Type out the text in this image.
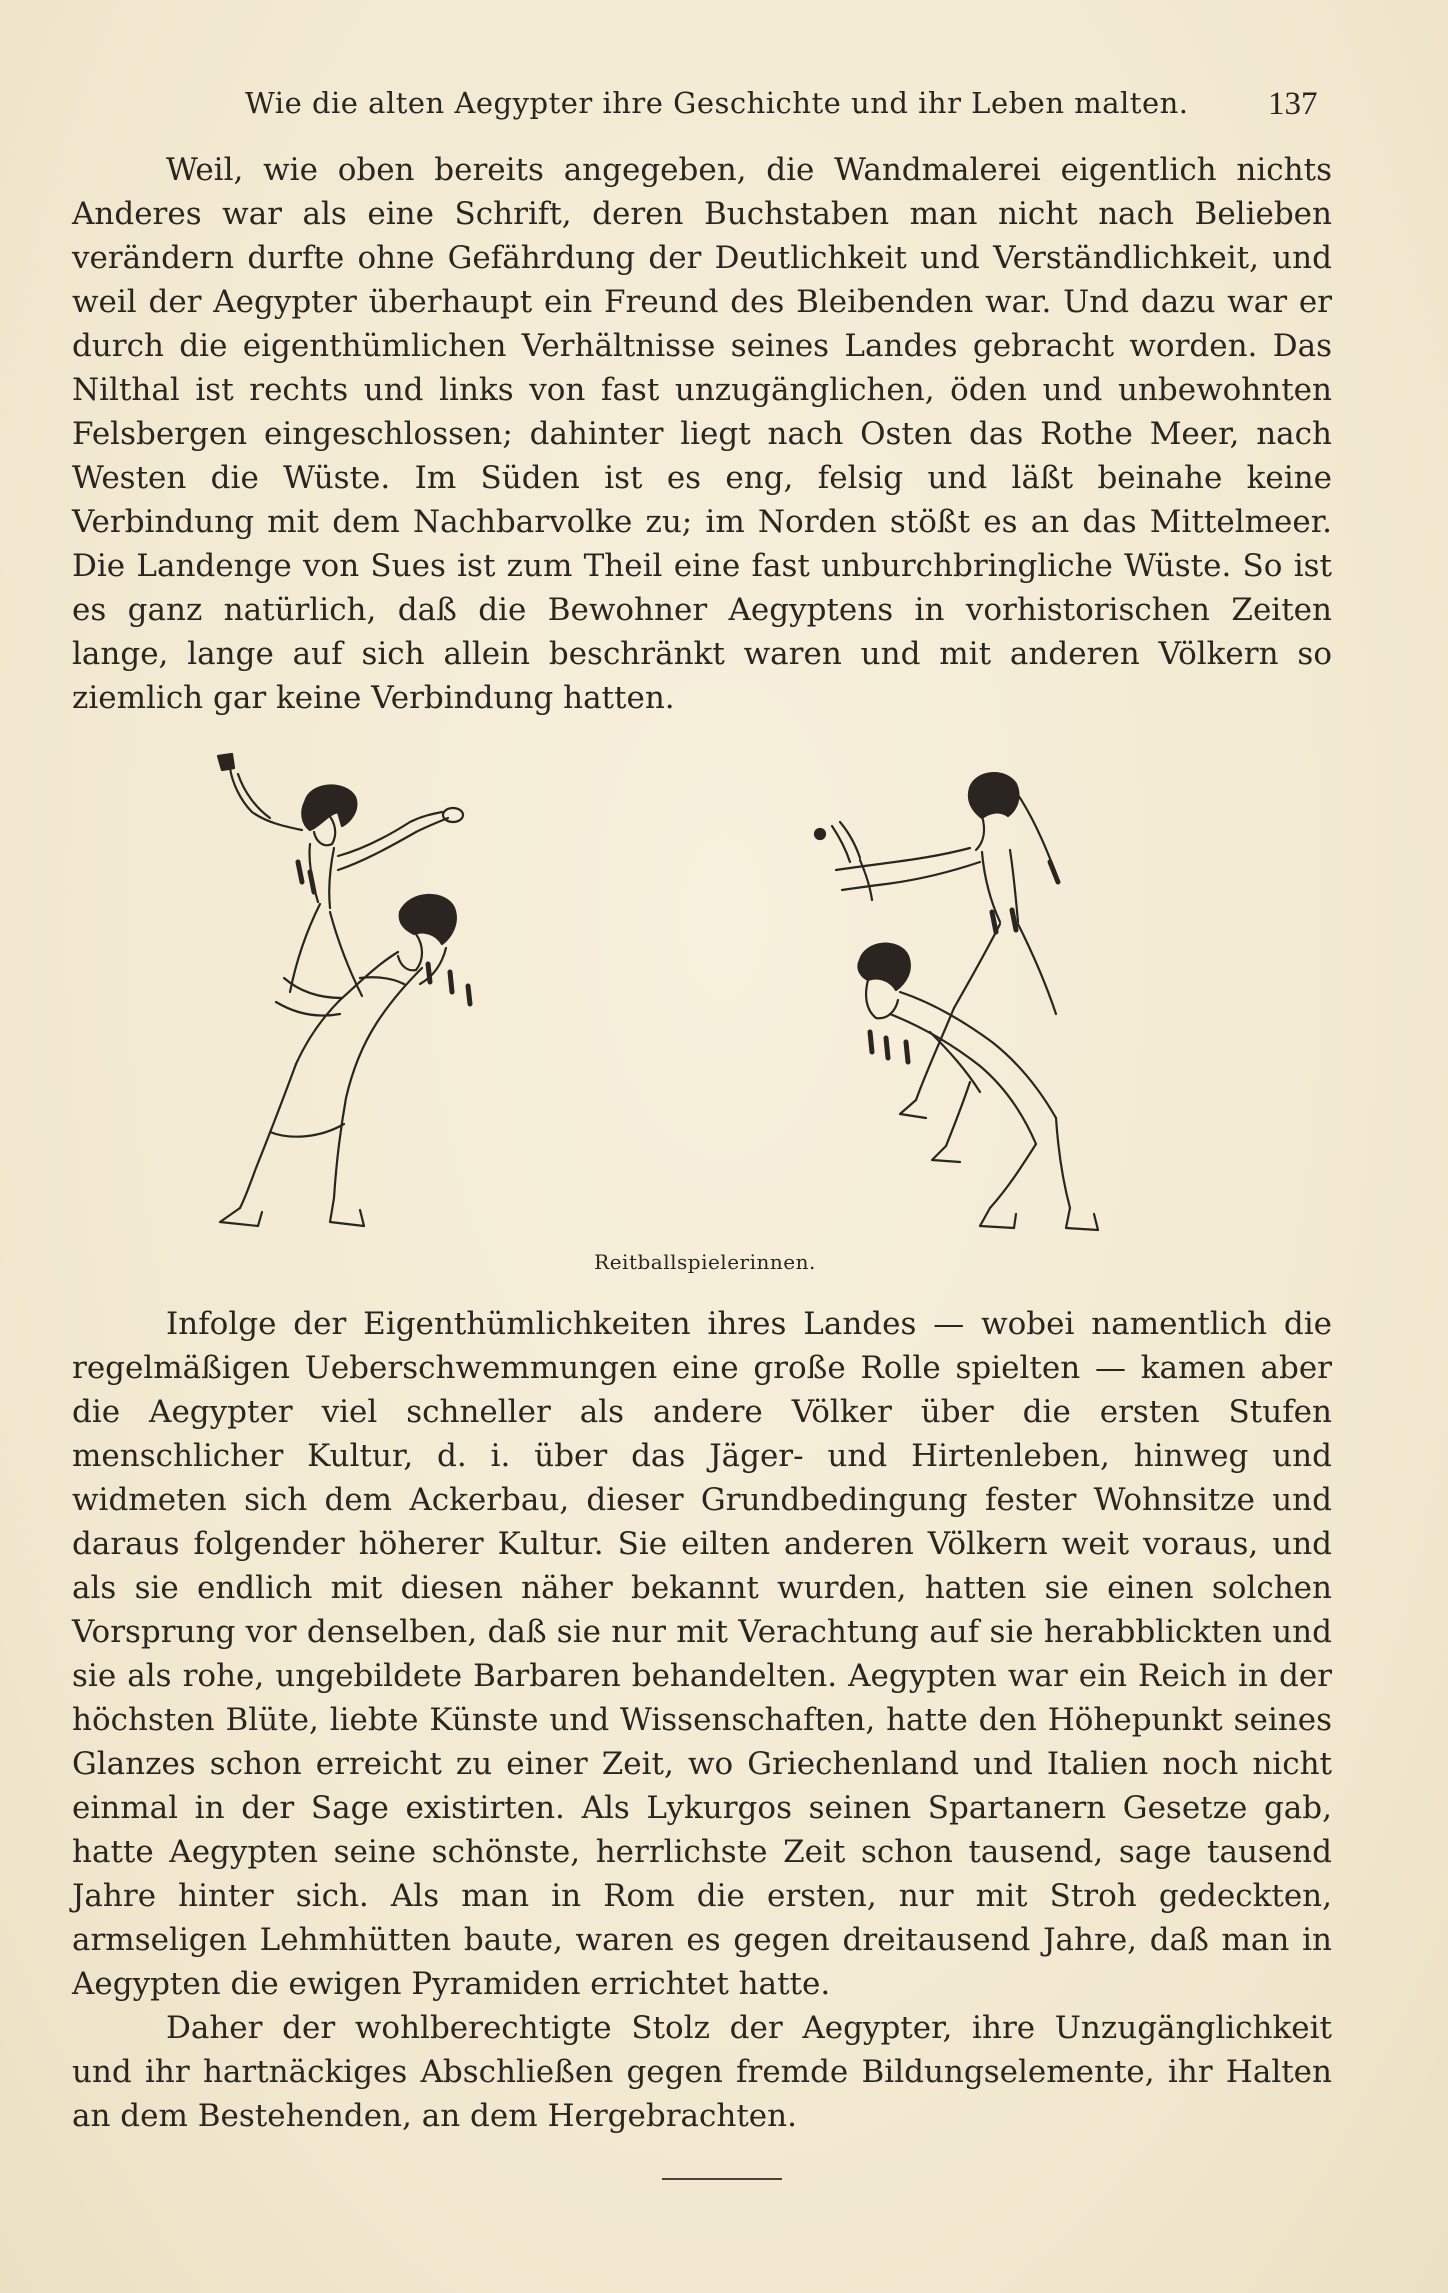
Wie die alten Aegypter ihre Geschichte und ihr Leben malten. 137

Weil, wie oben bereits angegeben, die Wandmalerei eigentlich nichts Anderes war als eine Schrift, deren Buchstaben man nicht nach Belieben verändern durfte ohne Gefährdung der Deutlichkeit und Verständlichkeit, und weil der Aegypter überhaupt ein Freund des Bleibenden war. Und dazu war er durch die eigenthümlichen Verhältnisse seines Landes gebracht worden. Das Nilthal ist rechts und links von fast unzugänglichen, öden und unbewohnten Felsbergen eingeschlossen; dahinter liegt nach Osten das Rothe Meer, nach Westen die Wüste. Im Süden ist es eng, felsig und läßt beinahe keine Verbindung mit dem Nachbarvolke zu; im Norden stößt es an das Mittelmeer. Die Landenge von Sues ist zum Theil eine fast unburchbringliche Wüste. So ist es ganz natürlich, daß die Bewohner Aegyptens in vorhistorischen Zeiten lange, lange auf sich allein beschränkt waren und mit anderen Völkern so ziemlich gar keine Verbindung hatten.

Reitballspielerinnen.

Infolge der Eigenthümlichkeiten ihres Landes — wobei namentlich die regelmäßigen Ueberschwemmungen eine große Rolle spielten — kamen aber die Aegypter viel schneller als andere Völker über die ersten Stufen menschlicher Kultur, d. i. über das Jäger- und Hirtenleben, hinweg und widmeten sich dem Ackerbau, dieser Grundbedingung fester Wohnsitze und daraus folgender höherer Kultur. Sie eilten anderen Völkern weit voraus, und als sie endlich mit diesen näher bekannt wurden, hatten sie einen solchen Vorsprung vor denselben, daß sie nur mit Verachtung auf sie herabblickten und sie als rohe, ungebildete Barbaren behandelten. Aegypten war ein Reich in der höchsten Blüte, liebte Künste und Wissenschaften, hatte den Höhepunkt seines Glanzes schon erreicht zu einer Zeit, wo Griechenland und Italien noch nicht einmal in der Sage existirten. Als Lykurgos seinen Spartanern Gesetze gab, hatte Aegypten seine schönste, herrlichste Zeit schon tausend, sage tausend Jahre hinter sich. Als man in Rom die ersten, nur mit Stroh gedeckten, armseligen Lehmhütten baute, waren es gegen dreitausend Jahre, daß man in Aegypten die ewigen Pyramiden errichtet hatte.

Daher der wohlberechtigte Stolz der Aegypter, ihre Unzugänglichkeit und ihr hartnäckiges Abschließen gegen fremde Bildungselemente, ihr Halten an dem Bestehenden, an dem Hergebrachten.
